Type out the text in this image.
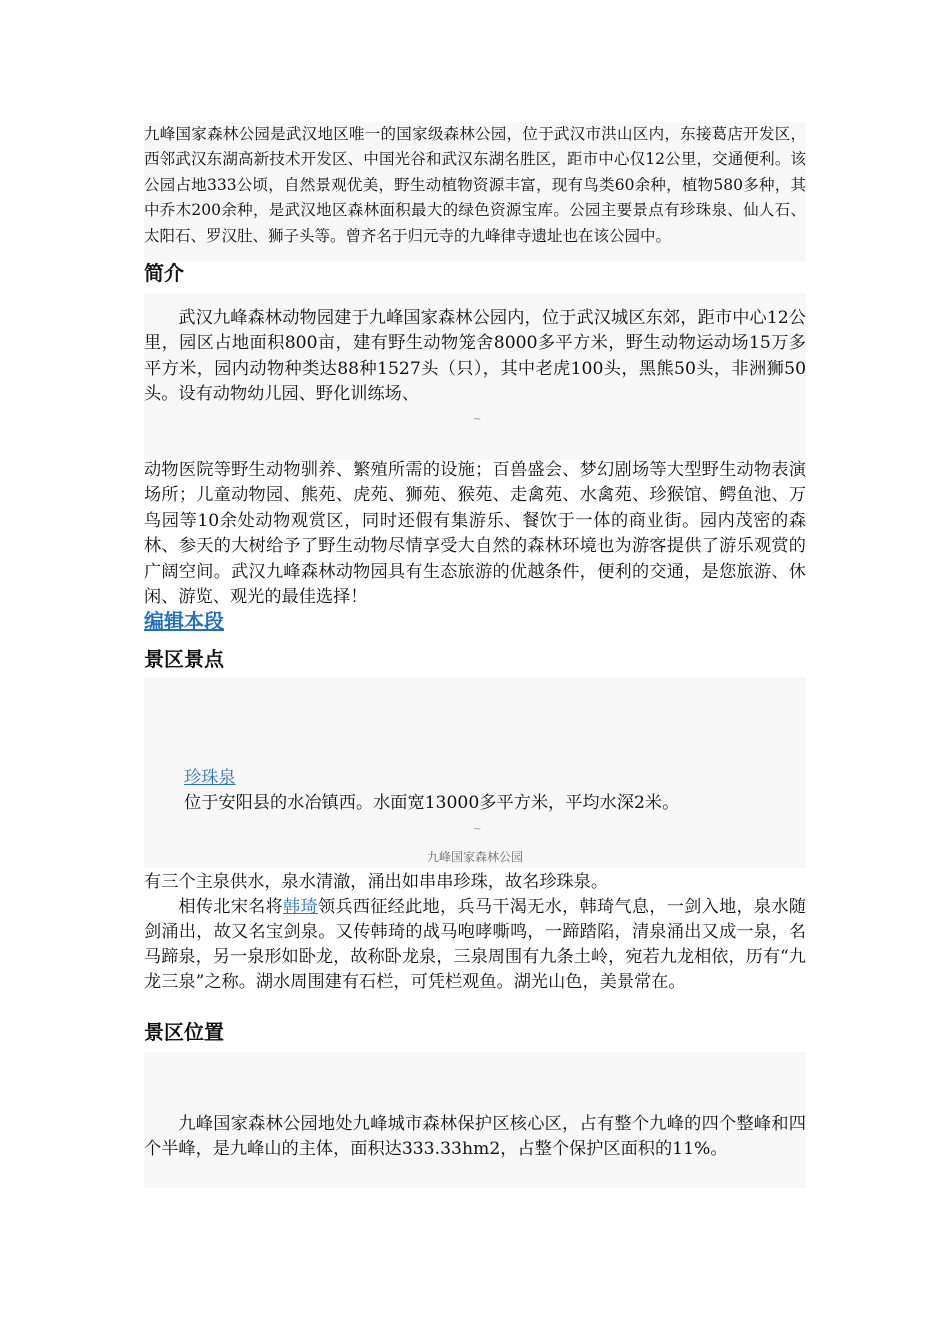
九峰国家森林公园是武汉地区唯一的国家级森林公园，位于武汉市洪山区内，东接葛店开发区，西邻武汉东湖高新技术开发区、中国光谷和武汉东湖名胜区，距市中心仅12公里，交通便利。该公园占地333公顷，自然景观优美，野生动植物资源丰富，现有鸟类60余种，植物580多种，其中乔木200余种，是武汉地区森林面积最大的绿色资源宝库。公园主要景点有珍珠泉、仙人石、太阳石、罗汉肚、狮子头等。曾齐名于归元寺的九峰律寺遗址也在该公园中。

简介

武汉九峰森林动物园建于九峰国家森林公园内，位于武汉城区东郊，距市中心12公里，园区占地面积800亩，建有野生动物笼舍8000多平方米，野生动物运动场15万多平方米，园内动物种类达88种1527头（只），其中老虎100头，黑熊50头，非洲狮50头。设有动物幼儿园、野化训练场、

~

动物医院等野生动物驯养、繁殖所需的设施；百兽盛会、梦幻剧场等大型野生动物表演场所；儿童动物园、熊苑、虎苑、狮苑、猴苑、走禽苑、水禽苑、珍猴馆、鳄鱼池、万鸟园等10余处动物观赏区，同时还假有集游乐、餐饮于一体的商业街。园内茂密的森林、参天的大树给予了野生动物尽情享受大自然的森林环境也为游客提供了游乐观赏的广阔空间。武汉九峰森林动物园具有生态旅游的优越条件，便利的交通，是您旅游、休闲、游览、观光的最佳选择！

编辑本段
景区景点
珍珠泉

位于安阳县的水冶镇西。水面宽13000多平方米，平均水深2米。

~
九峰国家森林公园
有三个主泉供水，泉水清澈，涌出如串串珍珠，故名珍珠泉。
相传北宋名将韩琦领兵西征经此地，兵马干渴无水，韩琦气息，一剑入地，泉水随剑涌出，故又名宝剑泉。又传韩琦的战马咆哮嘶鸣，一蹄踏陷，清泉涌出又成一泉，名马蹄泉，另一泉形如卧龙，故称卧龙泉，三泉周围有九条土岭，宛若九龙相依，历有“九龙三泉”之称。湖水周围建有石栏，可凭栏观鱼。湖光山色，美景常在。
景区位置

九峰国家森林公园地处九峰城市森林保护区核心区，占有整个九峰的四个整峰和四个半峰，是九峰山的主体，面积达333.33hm2，占整个保护区面积的11%。
